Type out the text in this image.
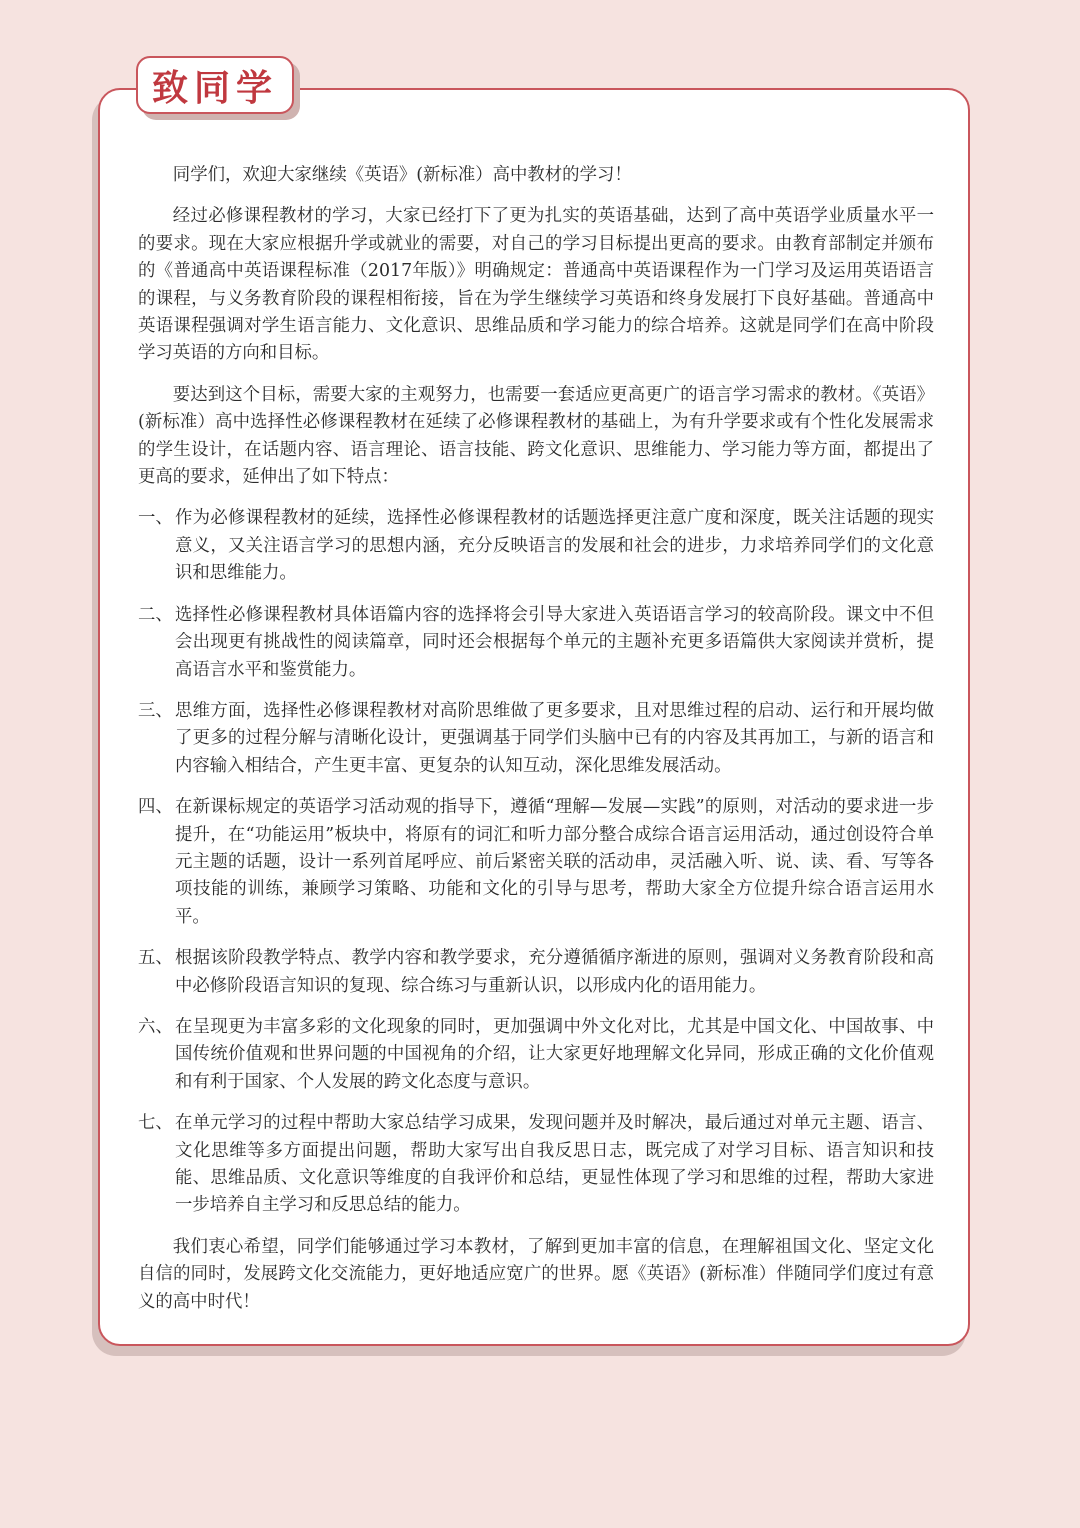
致同学

同学们，欢迎大家继续《英语》(新标准）高中教材的学习！

经过必修课程教材的学习，大家已经打下了更为扎实的英语基础，达到了高中英语学业质量水平一的要求。现在大家应根据升学或就业的需要，对自己的学习目标提出更高的要求。由教育部制定并颁布的《普通高中英语课程标准（2017年版）》明确规定：普通高中英语课程作为一门学习及运用英语语言的课程，与义务教育阶段的课程相衔接，旨在为学生继续学习英语和终身发展打下良好基础。普通高中英语课程强调对学生语言能力、文化意识、思维品质和学习能力的综合培养。这就是同学们在高中阶段学习英语的方向和目标。

要达到这个目标，需要大家的主观努力，也需要一套适应更高更广的语言学习需求的教材。《英语》(新标准）高中选择性必修课程教材在延续了必修课程教材的基础上，为有升学要求或有个性化发展需求的学生设计，在话题内容、语言理论、语言技能、跨文化意识、思维能力、学习能力等方面，都提出了更高的要求，延伸出了如下特点：

一、 作为必修课程教材的延续，选择性必修课程教材的话题选择更注意广度和深度，既关注话题的现实意义，又关注语言学习的思想内涵，充分反映语言的发展和社会的进步，力求培养同学们的文化意识和思维能力。
二、 选择性必修课程教材具体语篇内容的选择将会引导大家进入英语语言学习的较高阶段。课文中不但会出现更有挑战性的阅读篇章，同时还会根据每个单元的主题补充更多语篇供大家阅读并赏析，提高语言水平和鉴赏能力。
三、 思维方面，选择性必修课程教材对高阶思维做了更多要求，且对思维过程的启动、运行和开展均做了更多的过程分解与清晰化设计，更强调基于同学们头脑中已有的内容及其再加工，与新的语言和内容输入相结合，产生更丰富、更复杂的认知互动，深化思维发展活动。
四、 在新课标规定的英语学习活动观的指导下，遵循“理解—发展—实践”的原则，对活动的要求进一步提升，在“功能运用”板块中，将原有的词汇和听力部分整合成综合语言运用活动，通过创设符合单元主题的话题，设计一系列首尾呼应、前后紧密关联的活动串，灵活融入听、说、读、看、写等各项技能的训练，兼顾学习策略、功能和文化的引导与思考，帮助大家全方位提升综合语言运用水平。
五、 根据该阶段教学特点、教学内容和教学要求，充分遵循循序渐进的原则，强调对义务教育阶段和高中必修阶段语言知识的复现、综合练习与重新认识，以形成内化的语用能力。
六、 在呈现更为丰富多彩的文化现象的同时，更加强调中外文化对比，尤其是中国文化、中国故事、中国传统价值观和世界问题的中国视角的介绍，让大家更好地理解文化异同，形成正确的文化价值观和有利于国家、个人发展的跨文化态度与意识。
七、 在单元学习的过程中帮助大家总结学习成果，发现问题并及时解决，最后通过对单元主题、语言、文化思维等多方面提出问题，帮助大家写出自我反思日志，既完成了对学习目标、语言知识和技能、思维品质、文化意识等维度的自我评价和总结，更显性体现了学习和思维的过程，帮助大家进一步培养自主学习和反思总结的能力。

我们衷心希望，同学们能够通过学习本教材，了解到更加丰富的信息，在理解祖国文化、坚定文化自信的同时，发展跨文化交流能力，更好地适应宽广的世界。愿《英语》(新标准）伴随同学们度过有意义的高中时代！
